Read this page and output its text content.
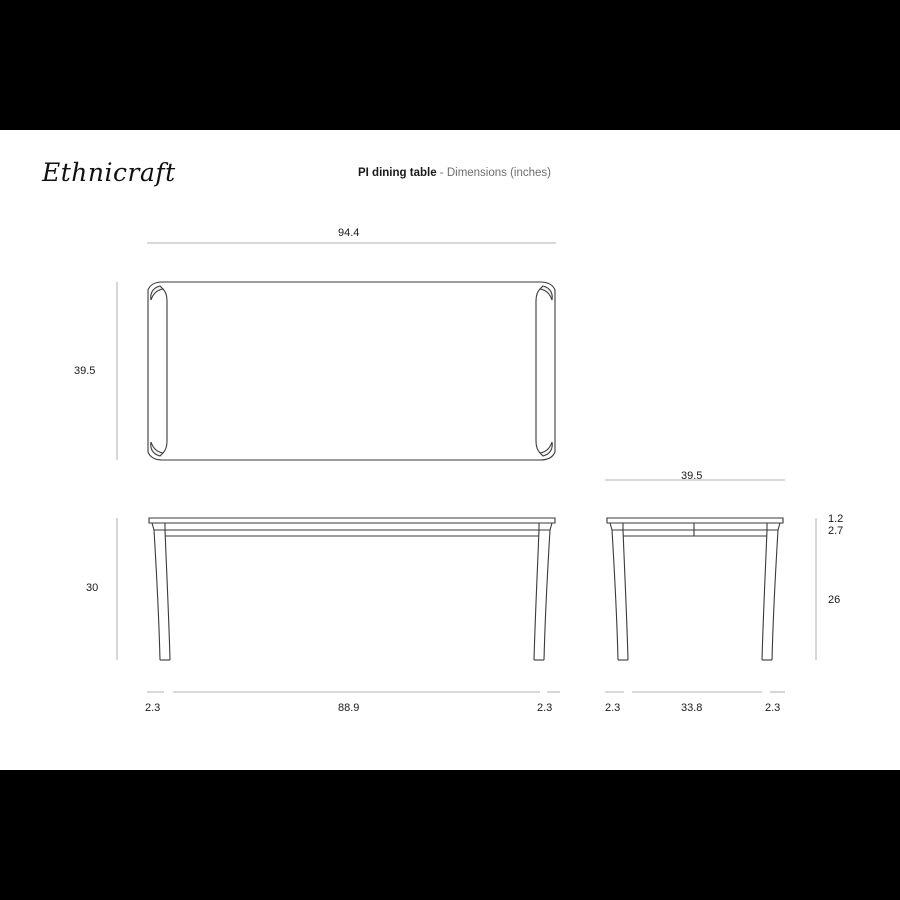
Ethnicraft	PI dining table - Dimensions (inches)
94.4
39.5
30
2.3	88.9	2.3
39.5
1.2
2.7
26
2.3	33.8	2.3
